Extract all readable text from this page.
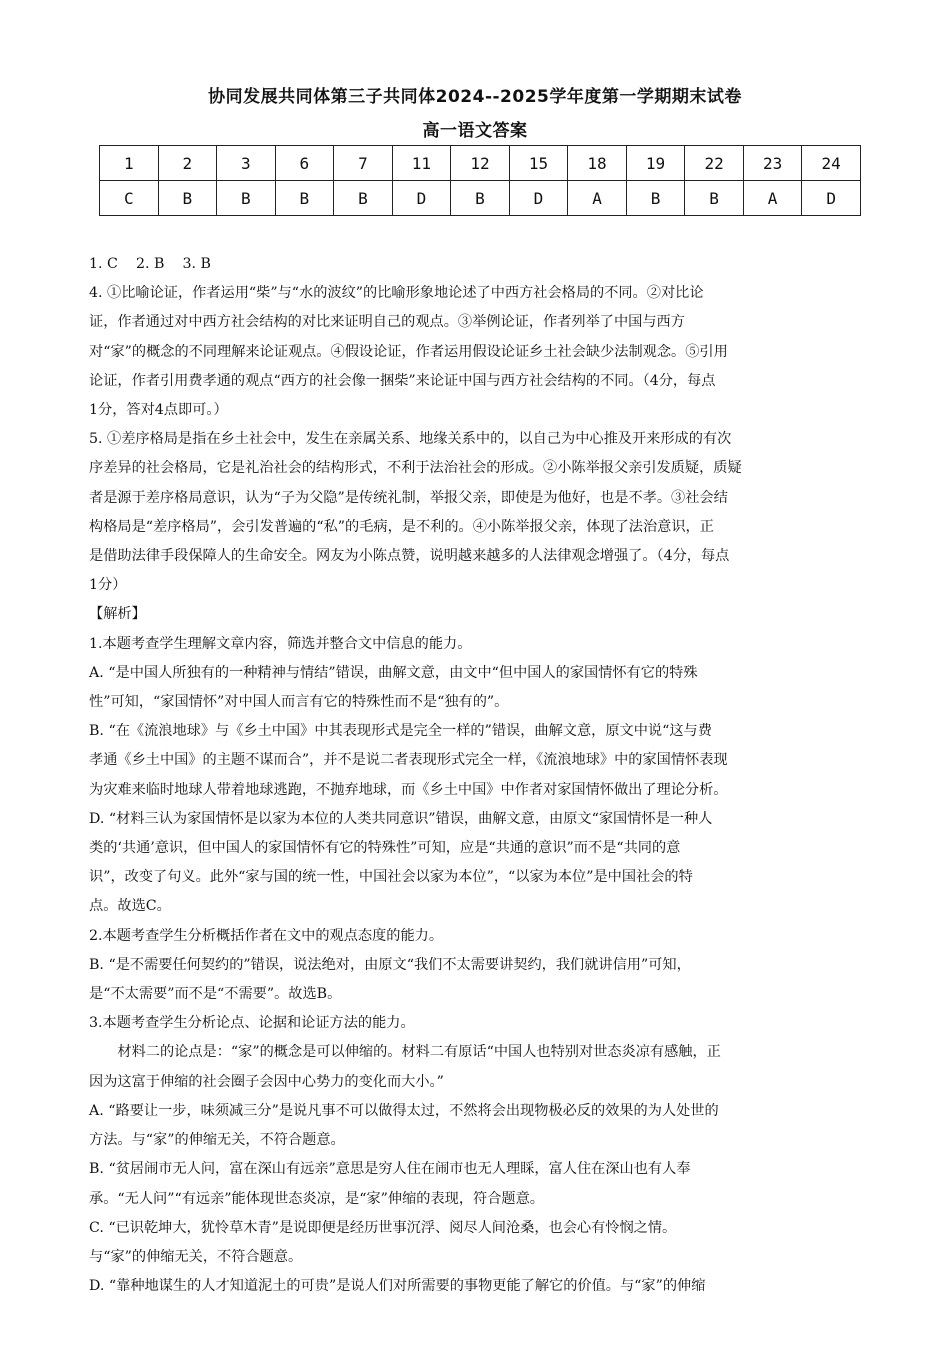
协同发展共同体第三子共同体2024--2025学年度第一学期期末试卷
高一语文答案
1	2	3	6	7	11	12	15	18	19	22	23	24
C	B	B	B	B	D	B	D	A	B	B	A	D

1. C    2. B    3. B

4. ①比喻论证，作者运用“柴”与“水的波纹”的比喻形象地论述了中西方社会格局的不同。②对比论

证，作者通过对中西方社会结构的对比来证明自己的观点。③举例论证，作者列举了中国与西方

对“家”的概念的不同理解来论证观点。④假设论证，作者运用假设论证乡土社会缺少法制观念。⑤引用

论证，作者引用费孝通的观点“西方的社会像一捆柴”来论证中国与西方社会结构的不同。（4分，每点

1分，答对4点即可。）

5. ①差序格局是指在乡土社会中，发生在亲属关系、地缘关系中的，以自己为中心推及开来形成的有次

序差异的社会格局，它是礼治社会的结构形式，不利于法治社会的形成。②小陈举报父亲引发质疑，质疑

者是源于差序格局意识，认为“子为父隐”是传统礼制，举报父亲，即使是为他好，也是不孝。③社会结

构格局是“差序格局”，会引发普遍的“私”的毛病，是不利的。④小陈举报父亲，体现了法治意识，正

是借助法律手段保障人的生命安全。网友为小陈点赞，说明越来越多的人法律观念增强了。（4分，每点

1分）

【解析】

1.本题考查学生理解文章内容，筛选并整合文中信息的能力。

A. “是中国人所独有的一种精神与情结”错误，曲解文意，由文中“但中国人的家国情怀有它的特殊

性”可知，“家国情怀”对中国人而言有它的特殊性而不是“独有的”。

B. “在《流浪地球》与《乡土中国》中其表现形式是完全一样的”错误，曲解文意，原文中说“这与费

孝通《乡土中国》的主题不谋而合”，并不是说二者表现形式完全一样，《流浪地球》中的家国情怀表现

为灾难来临时地球人带着地球逃跑，不抛弃地球，而《乡土中国》中作者对家国情怀做出了理论分析。

D. “材料三认为家国情怀是以家为本位的人类共同意识”错误，曲解文意，由原文“家国情怀是一种人

类的‘共通’意识，但中国人的家国情怀有它的特殊性”可知，应是“共通的意识”而不是“共同的意

识”，改变了句义。此外“家与国的统一性，中国社会以家为本位”，“以家为本位”是中国社会的特

点。故选C。

2.本题考查学生分析概括作者在文中的观点态度的能力。

B. “是不需要任何契约的”错误，说法绝对，由原文“我们不太需要讲契约，我们就讲信用”可知，

是“不太需要”而不是“不需要”。故选B。

3.本题考查学生分析论点、论据和论证方法的能力。

材料二的论点是：“家”的概念是可以伸缩的。材料二有原话“中国人也特别对世态炎凉有感触，正

因为这富于伸缩的社会圈子会因中心势力的变化而大小。”

A. “路要让一步，味须减三分”是说凡事不可以做得太过，不然将会出现物极必反的效果的为人处世的

方法。与“家”的伸缩无关，不符合题意。

B. “贫居闹市无人问，富在深山有远亲”意思是穷人住在闹市也无人理睬，富人住在深山也有人奉

承。“无人问”“有远亲”能体现世态炎凉，是“家”伸缩的表现，符合题意。

C. “已识乾坤大，犹怜草木青”是说即便是经历世事沉浮、阅尽人间沧桑，也会心有怜悯之情。

与“家”的伸缩无关，不符合题意。

D. “靠种地谋生的人才知道泥土的可贵”是说人们对所需要的事物更能了解它的价值。与“家”的伸缩
